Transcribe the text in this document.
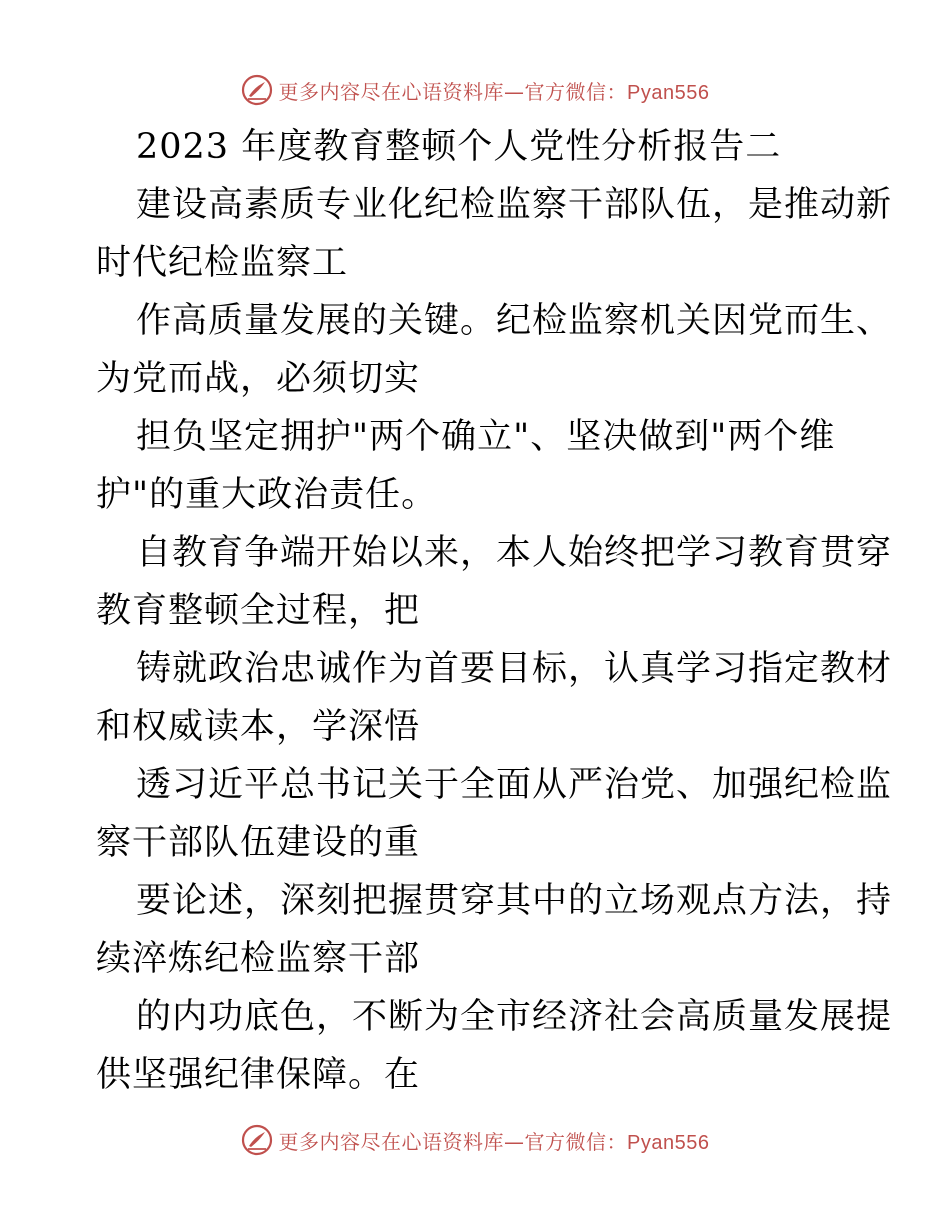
更多内容尽在心语资料库—官方微信：Pyan556
2023 年度教育整顿个人党性分析报告二
建设高素质专业化纪检监察干部队伍，是推动新
时代纪检监察工
作高质量发展的关键。纪检监察机关因党而生、
为党而战，必须切实
担负坚定拥护"两个确立"、坚决做到"两个维
护"的重大政治责任。
自教育争端开始以来，本人始终把学习教育贯穿
教育整顿全过程，把
铸就政治忠诚作为首要目标，认真学习指定教材
和权威读本，学深悟
透习近平总书记关于全面从严治党、加强纪检监
察干部队伍建设的重
要论述，深刻把握贯穿其中的立场观点方法，持
续淬炼纪检监察干部
的内功底色，不断为全市经济社会高质量发展提
供坚强纪律保障。在
更多内容尽在心语资料库—官方微信：Pyan556
